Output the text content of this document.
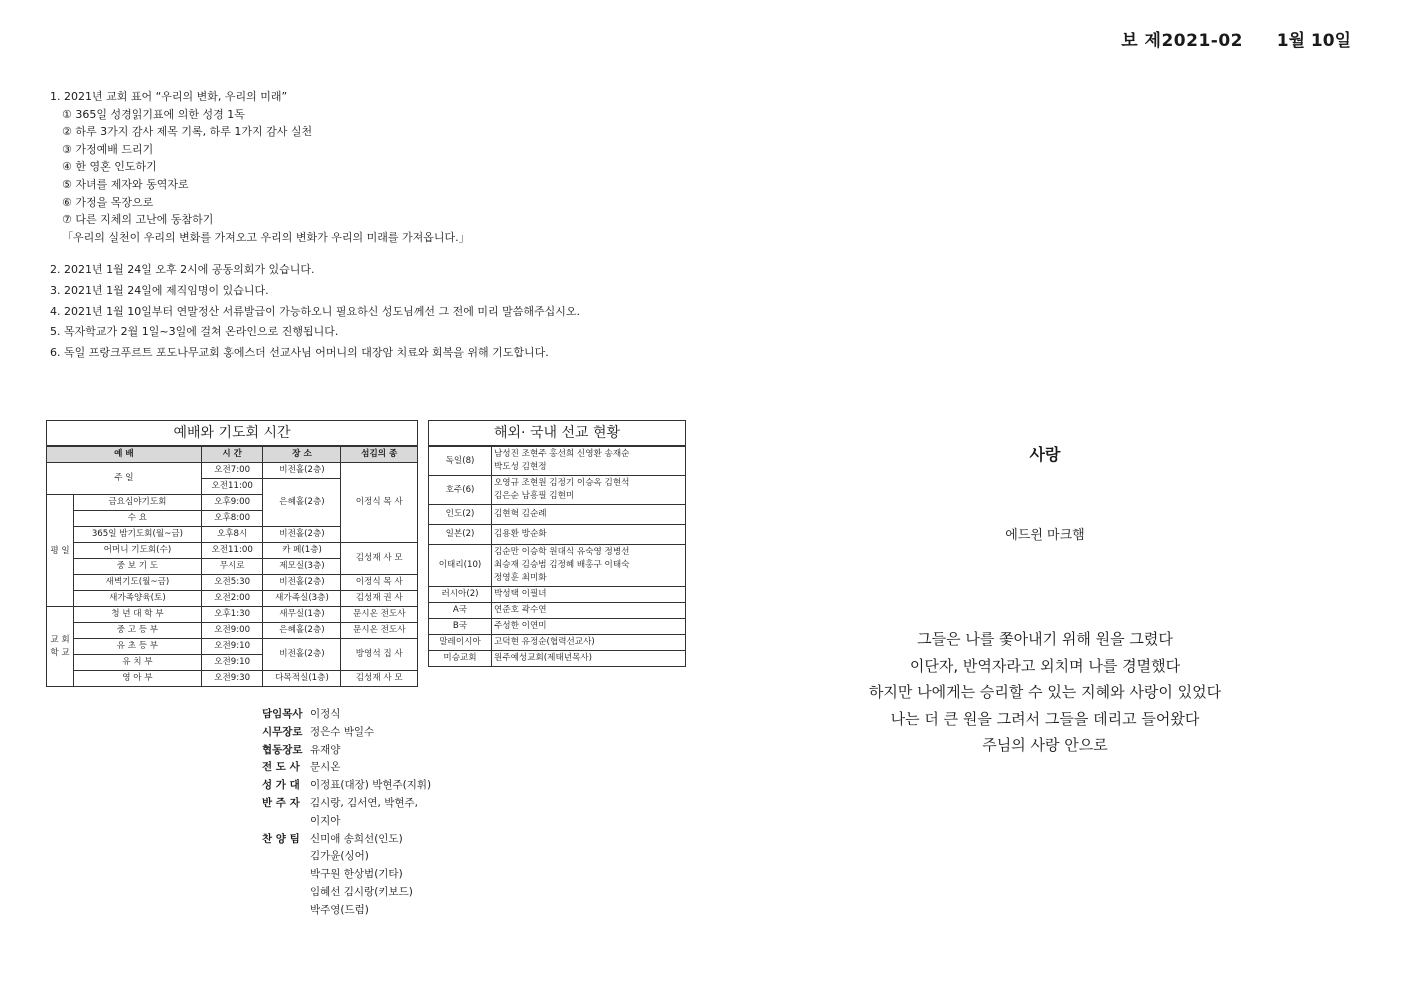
보 제2021-02 1월 10일
1. 2021년 교회 표어 “우리의 변화, 우리의 미래”
① 365일 성경읽기표에 의한 성경 1독
② 하루 3가지 감사 제목 기록, 하루 1가지 감사 실천
③ 가정예배 드리기
④ 한 영혼 인도하기
⑤ 자녀를 제자와 동역자로
⑥ 가정을 목장으로
⑦ 다른 지체의 고난에 동참하기
「우리의 실천이 우리의 변화를 가져오고 우리의 변화가 우리의 미래를 가져옵니다.」
2. 2021년 1월 24일 오후 2시에 공동의회가 있습니다.
3. 2021년 1월 24일에 제직임명이 있습니다.
4. 2021년 1월 10일부터 연말정산 서류발급이 가능하오니 필요하신 성도님께선 그 전에 미리 말씀해주십시오.
5. 목자학교가 2월 1일~3일에 걸쳐 온라인으로 진행됩니다.
6. 독일 프랑크푸르트 포도나무교회 홍에스더 선교사님 어머니의 대장암 치료와 회복을 위해 기도합니다.
예배와 기도회 시간				
예 배		시 간	장 소	섬김의 종
주 일		오전7:00	비전홀(2층)	이정식 목 사
		오전11:00	은혜홀(2층)	
평 일	금요심야기도회	오후9:00		
	수 요	오후8:00		
	365일 밤기도회(월~금)	오후8시	비전홀(2층)	
	어머니 기도회(수)	오전11:00	카 페(1층)	김성재 사 모
	중 보 기 도	무시로	제모실(3층)	
	새벽기도(월~금)	오전5:30	비전홀(2층)	이정식 목 사
	새가족양육(토)	오전2:00	새가족실(3층)	김성재 권 사
교 회 학 교	청 년 대 학 부	오후1:30	새무실(1층)	문시온 전도사
	중 고 등 부	오전9:00	은혜홀(2층)	문시온 전도사
	유 초 등 부	오전9:10	비전홀(2층)	방영석 집 사
	유 치 부	오전9:10		
	영 아 부	오전9:30	다목적실(1층)	김성재 사 모
해외· 국내 선교 현황	
독일(8)	남성진 조현주 홍선희 신영환 송재순
박도성 김현정

호주(6)	오영규 조현원 김정기 이승옥 김현석
김은순 남흥필 김현미

인도(2)	김현혁 김순례

일본(2)	김용환 방순화

이태리(10)	김순만 이승학 원대식 유숙영 정병선
최승재 김승범 김정혜 배홍구 이태숙
정영훈 최미화

러시아(2)	박성택 이필녀

A국	연준호 곽수연

B국	주성한 이연미

말레이시아	고덕현 유정순(협력선교사)

미승교회	원주예성교회(제태년목사)
담임목사 이정식
시무장로 정은수 박일수
협동장로 유재양
전 도 사 문시온
성 가 대 이정표(대장) 박현주(지휘)
반 주 자 김시랑, 김서연, 박현주,
이지아
찬 양 팀 신미애 송희선(인도)
김가윤(싱어)
박구원 한상범(기타)
임혜선 김시랑(키보드)
박주영(드럼)
사랑
에드윈 마크햄
그들은 나를 쫓아내기 위해 원을 그렸다
이단자, 반역자라고 외치며 나를 경멸했다
하지만 나에게는 승리할 수 있는 지혜와 사랑이 있었다
나는 더 큰 원을 그려서 그들을 데리고 들어왔다
주님의 사랑 안으로
